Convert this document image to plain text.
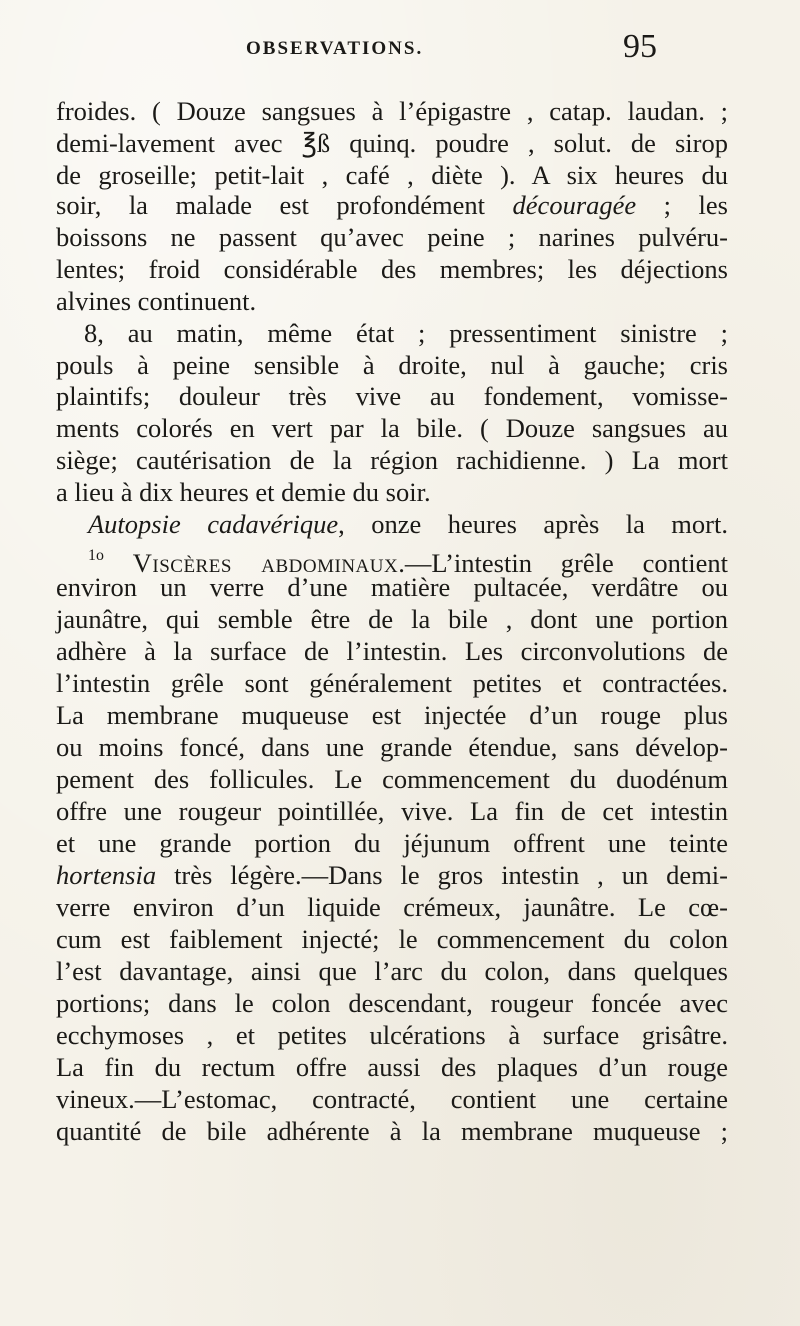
OBSERVATIONS.	95
froides. ( Douze sangsues à l’épigastre , catap. laudan. ;
demi-lavement avec ℥ß quinq. poudre , solut. de sirop
de groseille; petit-lait , café , diète ). A six heures du
soir, la malade est profondément découragée ; les
boissons ne passent qu’avec peine ; narines pulvéru-
lentes; froid considérable des membres; les déjections
alvines continuent.
8, au matin, même état ; pressentiment sinistre ;
pouls à peine sensible à droite, nul à gauche; cris
plaintifs; douleur très vive au fondement, vomisse-
ments colorés en vert par la bile. ( Douze sangsues au
siège; cautérisation de la région rachidienne. ) La mort
a lieu à dix heures et demie du soir.
Autopsie cadavérique, onze heures après la mort.
$^{1o}$ Viscères abdominaux.—L’intestin grêle contient
environ un verre d’une matière pultacée, verdâtre ou
jaunâtre, qui semble être de la bile , dont une portion
adhère à la surface de l’intestin. Les circonvolutions de
l’intestin grêle sont généralement petites et contractées.
La membrane muqueuse est injectée d’un rouge plus
ou moins foncé, dans une grande étendue, sans dévelop-
pement des follicules. Le commencement du duodénum
offre une rougeur pointillée, vive. La fin de cet intestin
et une grande portion du jéjunum offrent une teinte
hortensia très légère.—Dans le gros intestin , un demi-
verre environ d’un liquide crémeux, jaunâtre. Le cœ-
cum est faiblement injecté; le commencement du colon
l’est davantage, ainsi que l’arc du colon, dans quelques
portions; dans le colon descendant, rougeur foncée avec
ecchymoses , et petites ulcérations à surface grisâtre.
La fin du rectum offre aussi des plaques d’un rouge
vineux.—L’estomac, contracté, contient une certaine
quantité de bile adhérente à la membrane muqueuse ;
